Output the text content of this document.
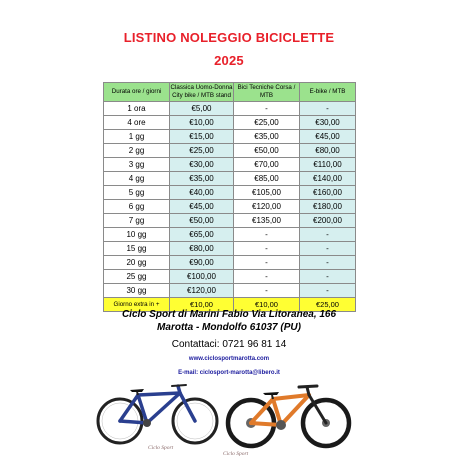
LISTINO NOLEGGIO BICICLETTE
2025
Durata ore / giorni	Classica Uomo-Donna City bike / MTB stand	Bici Tecniche Corsa / MTB	E-bike / MTB
1 ora	€5,00	-	-
4 ore	€10,00	€25,00	€30,00
1 gg	€15,00	€35,00	€45,00
2 gg	€25,00	€50,00	€80,00
3 gg	€30,00	€70,00	€110,00
4 gg	€35,00	€85,00	€140,00
5 gg	€40,00	€105,00	€160,00
6 gg	€45,00	€120,00	€180,00
7 gg	€50,00	€135,00	€200,00
10 gg	€65,00	-	-
15 gg	€80,00	-	-
20 gg	€90,00	-	-
25 gg	€100,00	-	-
30 gg	€120,00	-	-
Giorno extra in +	€10,00	€10,00	€25,00
Ciclo Sport di Marini Fabio Via Litoranea, 166
Marotta - Mondolfo 61037 (PU)
Contattaci: 0721 96 81 14
www.ciclosportmarotta.com
E-mail: ciclosport-marotta@libero.it
Ciclo Sport
Ciclo Sport
